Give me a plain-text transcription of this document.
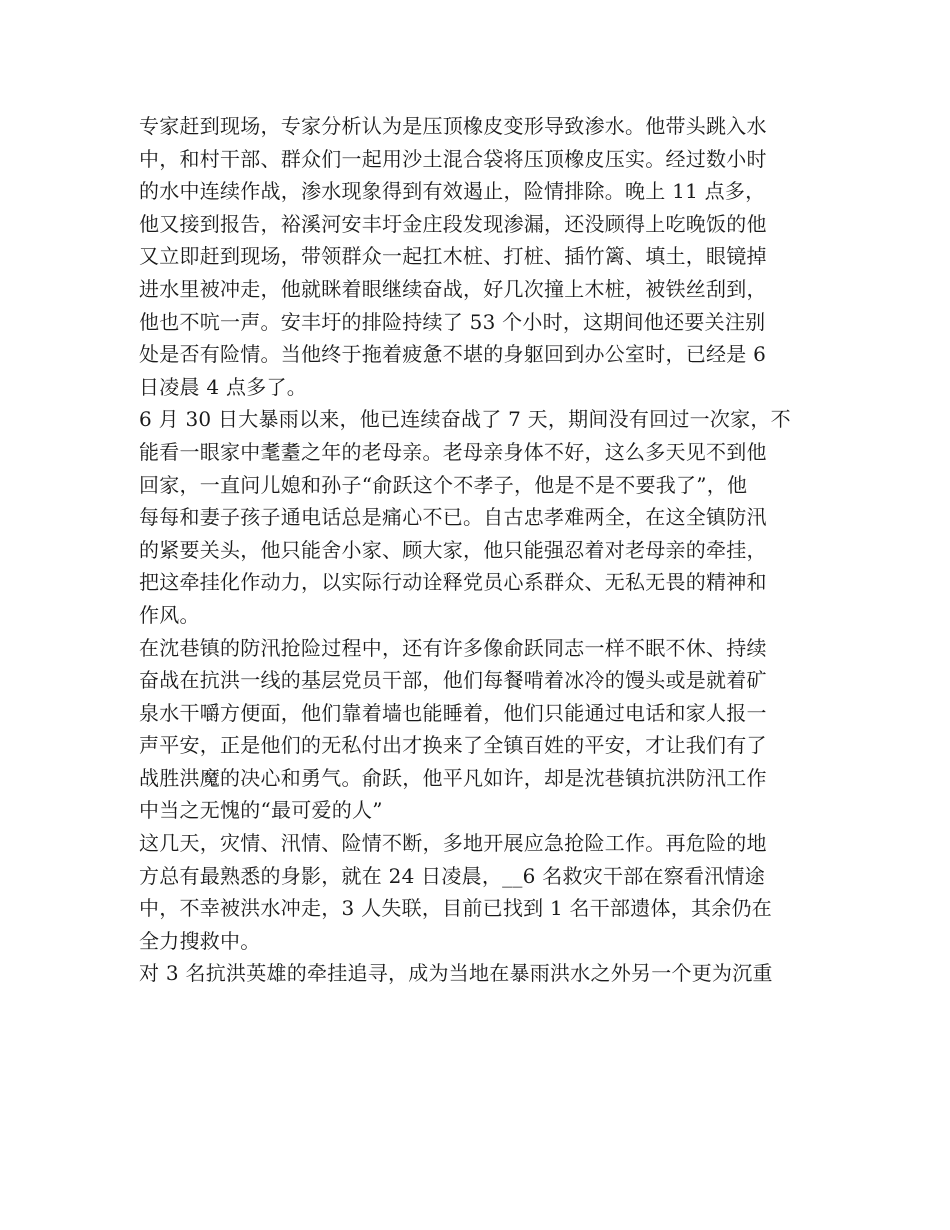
专家赶到现场，专家分析认为是压顶橡皮变形导致渗水。他带头跳入水
中，和村干部、群众们一起用沙土混合袋将压顶橡皮压实。经过数小时
的水中连续作战，渗水现象得到有效遏止，险情排除。晚上 11 点多，
他又接到报告，裕溪河安丰圩金庄段发现渗漏，还没顾得上吃晚饭的他
又立即赶到现场，带领群众一起扛木桩、打桩、插竹篱、填土，眼镜掉
进水里被冲走，他就眯着眼继续奋战，好几次撞上木桩，被铁丝刮到，
他也不吭一声。安丰圩的排险持续了 53 个小时，这期间他还要关注别
处是否有险情。当他终于拖着疲惫不堪的身躯回到办公室时，已经是 6
日凌晨 4 点多了。
6 月 30 日大暴雨以来，他已连续奋战了 7 天，期间没有回过一次家，不
能看一眼家中耄耋之年的老母亲。老母亲身体不好，这么多天见不到他
回家，一直问儿媳和孙子“俞跃这个不孝子，他是不是不要我了”，他
每每和妻子孩子通电话总是痛心不已。自古忠孝难两全，在这全镇防汛
的紧要关头，他只能舍小家、顾大家，他只能强忍着对老母亲的牵挂，
把这牵挂化作动力，以实际行动诠释党员心系群众、无私无畏的精神和
作风。
在沈巷镇的防汛抢险过程中，还有许多像俞跃同志一样不眠不休、持续
奋战在抗洪一线的基层党员干部，他们每餐啃着冰冷的馒头或是就着矿
泉水干嚼方便面，他们靠着墙也能睡着，他们只能通过电话和家人报一
声平安，正是他们的无私付出才换来了全镇百姓的平安，才让我们有了
战胜洪魔的决心和勇气。俞跃，他平凡如许，却是沈巷镇抗洪防汛工作
中当之无愧的“最可爱的人”
这几天，灾情、汛情、险情不断，多地开展应急抢险工作。再危险的地
方总有最熟悉的身影，就在 24 日凌晨，__6 名救灾干部在察看汛情途
中，不幸被洪水冲走，3 人失联，目前已找到 1 名干部遗体，其余仍在
全力搜救中。
对 3 名抗洪英雄的牵挂追寻，成为当地在暴雨洪水之外另一个更为沉重
